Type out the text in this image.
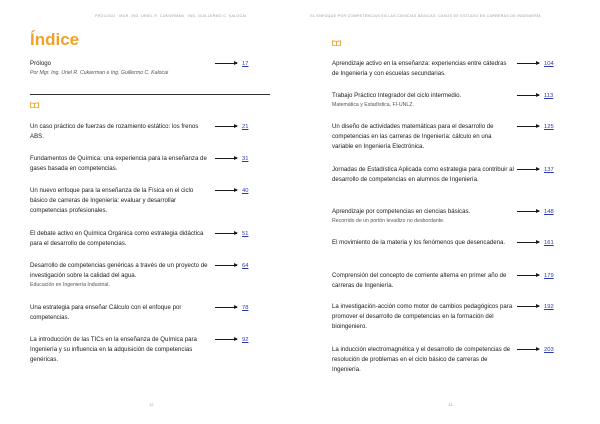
PRÓLOGO · MGR. ING. URIEL R. CUKIERMAN · ING. GUILLERMO C. KALOCAI
Índice
Prólogo
Por Mgr. Ing. Uriel R. Cukierman e Ing. Guillermo C. Kalocai
17
Un caso práctico de fuerzas de rozamiento estático: los frenos ABS.
21
Fundamentos de Química: una experiencia para la enseñanza de gases basada en competencias.
31
Un nuevo enfoque para la enseñanza de la Física en el ciclo básico de carreras de Ingeniería: evaluar y desarrollar competencias profesionales.
40
El debate activo en Química Orgánica como estrategia didáctica para el desarrollo de competencias.
51
Desarrollo de competencias genéricas a través de un proyecto de investigación sobre la calidad del agua.
Educación en Ingeniería Industrial.
64
Una estrategia para enseñar Cálculo con el enfoque por competencias.
78
La introducción de las TICs en la enseñanza de Química para Ingeniería y su influencia en la adquisición de competencias genéricas.
92
12
EL ENFOQUE POR COMPETENCIAS EN LAS CIENCIAS BÁSICAS: CASOS DE ESTUDIO EN CARRERAS DE INGENIERÍA
Aprendizaje activo en la enseñanza: experiencias entre cátedras de Ingeniería y con escuelas secundarias.
104
Trabajo Práctico Integrador del ciclo intermedio.
Matemática y Estadística, FI-UNLZ.
113
Un diseño de actividades matemáticas para el desarrollo de competencias en las carreras de Ingeniería: cálculo en una variable en Ingeniería Electrónica.
125
Jornadas de Estadística Aplicada como estrategia para contribuir al desarrollo de competencias en alumnos de Ingeniería.
137
Aprendizaje por competencias en ciencias básicas.
Recorrido de un portón levadizo no desbordante.
148
El movimiento de la materia y los fenómenos que desencadena.	161
Comprensión del concepto de corriente alterna en primer año de carreras de Ingeniería.
179
La investigación-acción como motor de cambios pedagógicos para promover el desarrollo de competencias en la formación del bioingeniero.
192
La inducción electromagnética y el desarrollo de competencias de resolución de problemas en el ciclo básico de carreras de Ingeniería.
203
13
